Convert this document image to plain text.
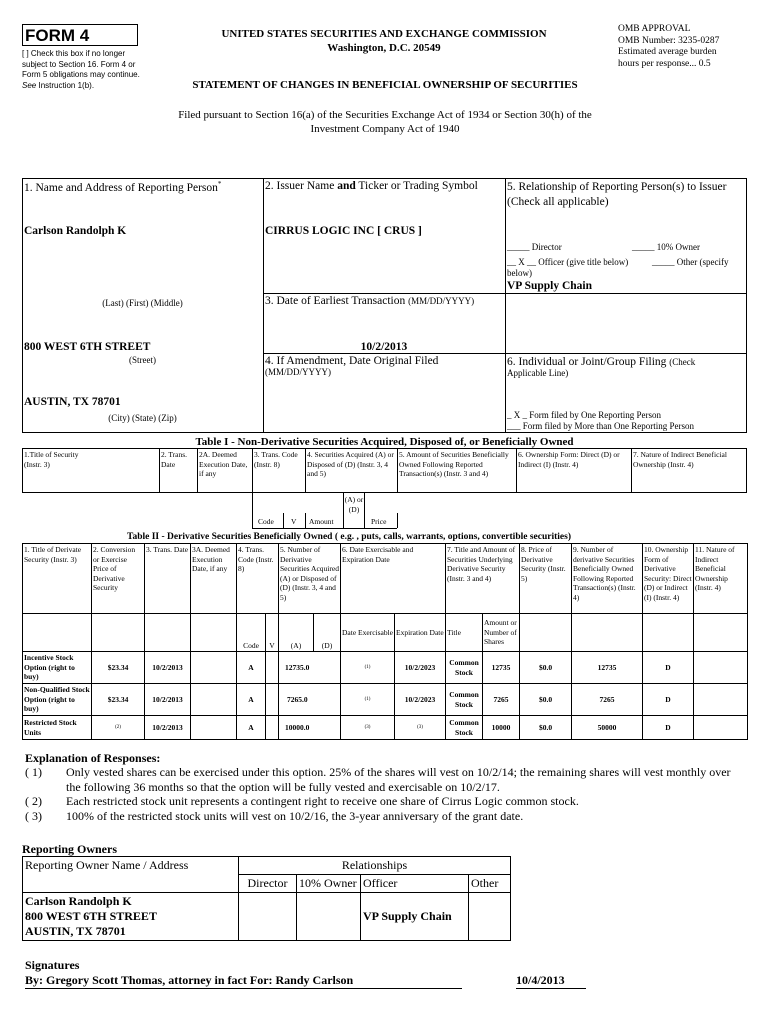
FORM 4
[ ] Check this box if no longer subject to Section 16. Form 4 or Form 5 obligations may continue. See Instruction 1(b).
UNITED STATES SECURITIES AND EXCHANGE COMMISSION
Washington, D.C. 20549
STATEMENT OF CHANGES IN BENEFICIAL OWNERSHIP OF SECURITIES
OMB APPROVAL
OMB Number: 3235-0287
Estimated average burden
hours per response... 0.5
Filed pursuant to Section 16(a) of the Securities Exchange Act of 1934 or Section 30(h) of the
Investment Company Act of 1940
1. Name and Address of Reporting Person*
Carlson Randolph K
(Last) (First) (Middle)
800 WEST 6TH STREET
(Street)
AUSTIN, TX 78701
(City) (State) (Zip)
2. Issuer Name and Ticker or Trading Symbol
CIRRUS LOGIC INC [ CRUS ]
3. Date of Earliest Transaction (MM/DD/YYYY)
10/2/2013
4. If Amendment, Date Original Filed
(MM/DD/YYYY)
5. Relationship of Reporting Person(s) to Issuer
(Check all applicable)
_____ Director	_____ 10% Owner
__ X __ Officer (give title below)	_____ Other (specify
below)
VP Supply Chain
6. Individual or Joint/Group Filing (Check
Applicable Line)
_ X _ Form filed by One Reporting Person
___ Form filed by More than One Reporting Person
Table I - Non-Derivative Securities Acquired, Disposed of, or Beneficially Owned
1.Title of Security (Instr. 3)
2. Trans. Date
2A. Deemed Execution Date, if any
3. Trans. Code (Instr. 8)
4. Securities Acquired (A) or Disposed of (D) (Instr. 3, 4 and 5)
5. Amount of Securities Beneficially Owned Following Reported Transaction(s) (Instr. 3 and 4)
6. Ownership Form: Direct (D) or Indirect (I) (Instr. 4)
7. Nature of Indirect Beneficial Ownership (Instr. 4)
Code V Amount
(A) or (D)
Price
Table II - Derivative Securities Beneficially Owned ( e.g. , puts, calls, warrants, options, convertible securities)
1. Title of Derivate Security (Instr. 3)	2. Conversion or Exercise Price of Derivative Security	3. Trans. Date	3A. Deemed Execution Date, if any	4. Trans. Code (Instr. 8)		5. Number of Derivative Securities Acquired (A) or Disposed of (D) (Instr. 3, 4 and 5)		6. Date Exercisable and Expiration Date		7. Title and Amount of Securities Underlying Derivative Security (Instr. 3 and 4)		8. Price of Derivative Security (Instr. 5)	9. Number of derivative Securities Beneficially Owned Following Reported Transaction(s) (Instr. 4)	10. Ownership Form of Derivative Security: Direct (D) or Indirect (I) (Instr. 4)	11. Nature of Indirect Beneficial Ownership (Instr. 4)
				Code	V	(A)	(D)	Date Exercisable	Expiration Date	Title	Amount or Number of Shares				
Incentive Stock Option (right to buy)	$23.34	10/2/2013		A		12735.0		(1)	10/2/2023	Common Stock	12735	$0.0	12735	D	
Non-Qualified Stock Option (right to buy)	$23.34	10/2/2013		A		7265.0		(1)	10/2/2023	Common Stock	7265	$0.0	7265	D	
Restricted Stock Units	(2)	10/2/2013		A		10000.0		(3)	(3)	Common Stock	10000	$0.0	50000	D	
Explanation of Responses:
( 1)	Only vested shares can be exercised under this option. 25% of the shares will vest on 10/2/14; the remaining shares will vest monthly over the following 36 months so that the option will be fully vested and exercisable on 10/2/17.
( 2)	Each restricted stock unit represents a contingent right to receive one share of Cirrus Logic common stock.
( 3)	100% of the restricted stock units will vest on 10/2/16, the 3-year anniversary of the grant date.
Reporting Owners
Reporting Owner Name / Address	Relationships			
	Director	10% Owner	Officer	Other

Carlson Randolph K
800 WEST 6TH STREET
AUSTIN, TX 78701			VP Supply Chain	
Signatures
By: Gregory Scott Thomas, attorney in fact For: Randy Carlson	10/4/2013
